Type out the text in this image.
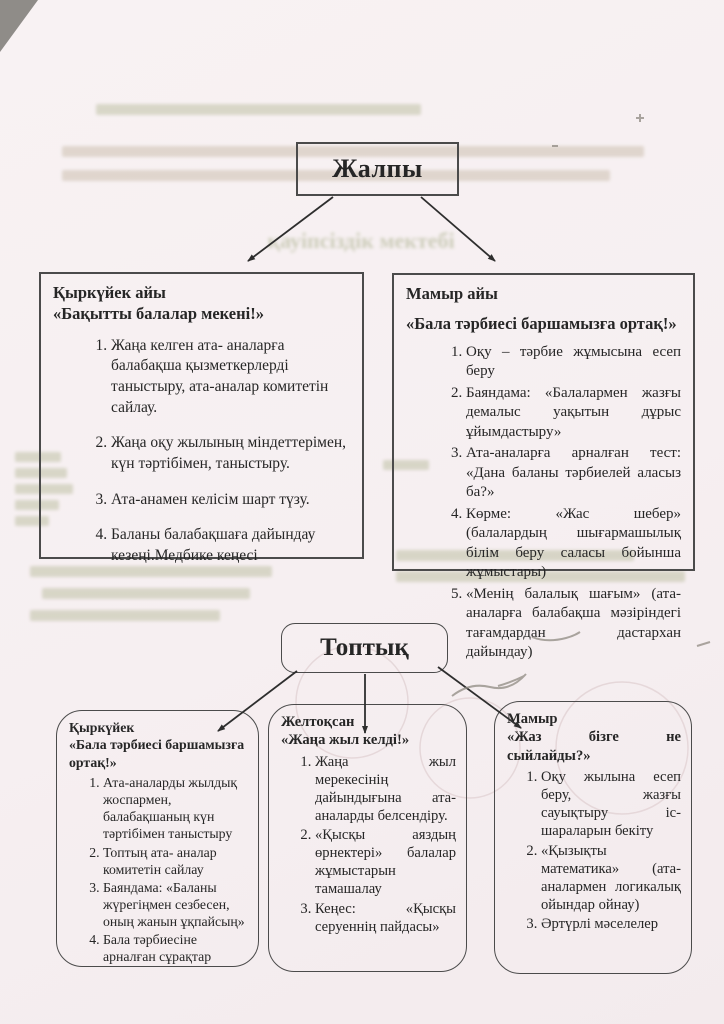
қауіпсіздік мектебі
Жалпы
Қыркүйек айы
«Бақытты балалар мекені!»
1. Жаңа келген ата- аналарға балабақша қызметкерлерді таныстыру, ата-аналар комитетін сайлау.
2. Жаңа оқу жылының міндеттерімен, күн тәртібімен, таныстыру.
3. Ата-анамен келісім шарт түзу.
4. Баланы балабақшаға дайындау кезеңі.Медбике кеңесі
Мамыр айы
«Бала тәрбиесі баршамызға ортақ!»
1. Оқу – тәрбие жұмысына есеп беру
2. Баяндама: «Балалармен жазғы демалыс уақытын дұрыс ұйымдастыру»
3. Ата-аналарға арналған тест: «Дана баланы тәрбиелей аласыз ба?»
4. Көрме: «Жас шебер» (балалардың шығармашылық білім беру саласы бойынша жұмыстары)
5. «Менің балалық шағым» (ата-аналарға балабақша мәзіріндегі тағамдардан дастархан дайындау)
Топтық
Қыркүйек
«Бала тәрбиесі баршамызға ортақ!»
1. Ата-аналарды жылдық жоспармен, балабақшаның күн тәртібімен таныстыру
2. Топтың ата- аналар комитетін сайлау
3. Баяндама: «Баланы жүрегіңмен сезбесен, оның жанын ұқпайсың»
4. Бала тәрбиесіне арналған сұрақтар
Желтоқсан
«Жаңа жыл келді!»
1. Жаңа жыл мерекесінің дайындығына ата- аналарды белсендіру.
2. «Қысқы аяздың өрнектері» балалар жұмыстарын тамашалау
3. Кеңес: «Қысқы серуеннің пайдасы»
Мамыр
«Жаз бізге не сыйлайды?»
1. Оқу жылына есеп беру, жазғы сауықтыру іс-шараларын бекіту
2. «Қызықты математика» (ата-аналармен логикалық ойындар ойнау)
3. Әртүрлі мәселелер
